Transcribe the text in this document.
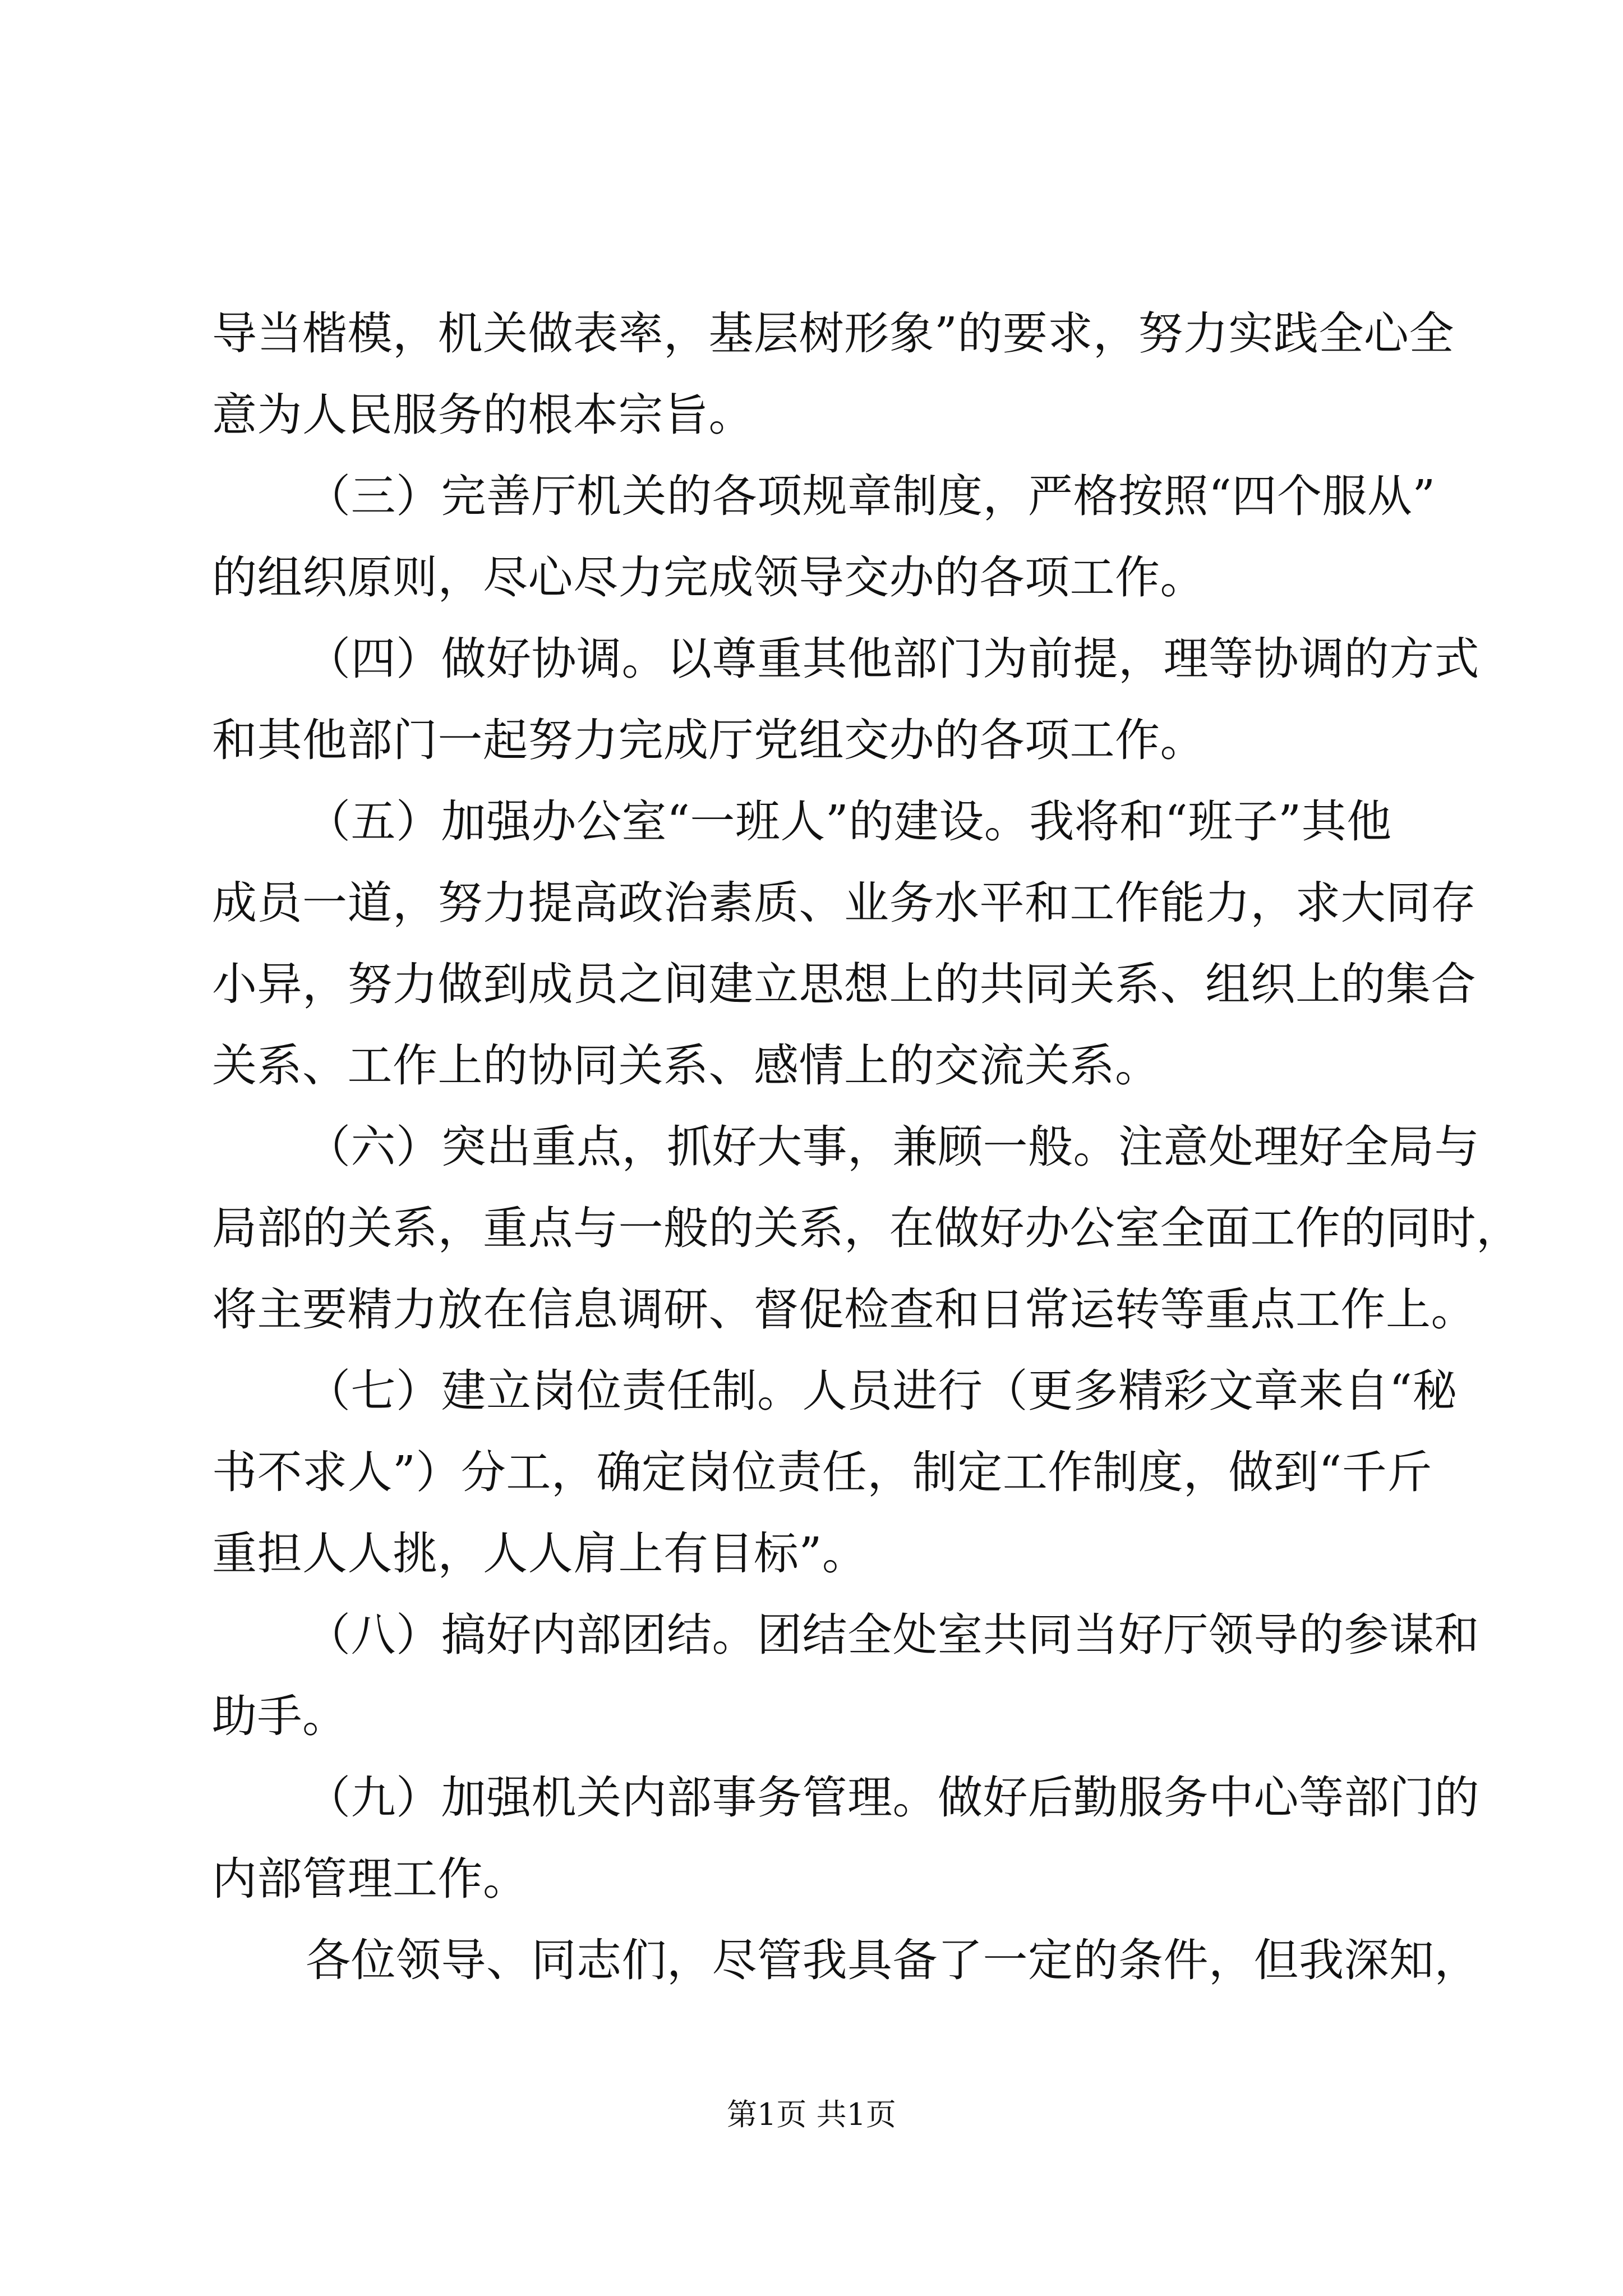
导当楷模，机关做表率，基层树形象”的要求，努力实践全心全
意为人民服务的根本宗旨。
（三）完善厅机关的各项规章制度，严格按照“四个服从”
的组织原则，尽心尽力完成领导交办的各项工作。
（四）做好协调。以尊重其他部门为前提，理等协调的方式
和其他部门一起努力完成厅党组交办的各项工作。
（五）加强办公室“一班人”的建设。我将和“班子”其他
成员一道，努力提高政治素质、业务水平和工作能力，求大同存
小异，努力做到成员之间建立思想上的共同关系、组织上的集合
关系、工作上的协同关系、感情上的交流关系。
（六）突出重点，抓好大事，兼顾一般。注意处理好全局与
局部的关系，重点与一般的关系，在做好办公室全面工作的同时，
将主要精力放在信息调研、督促检查和日常运转等重点工作上。
（七）建立岗位责任制。人员进行（更多精彩文章来自“秘
书不求人”）分工，确定岗位责任，制定工作制度，做到“千斤
重担人人挑，人人肩上有目标”。
（八）搞好内部团结。团结全处室共同当好厅领导的参谋和
助手。
（九）加强机关内部事务管理。做好后勤服务中心等部门的
内部管理工作。
各位领导、同志们，尽管我具备了一定的条件，但我深知，
第1页 共1页
